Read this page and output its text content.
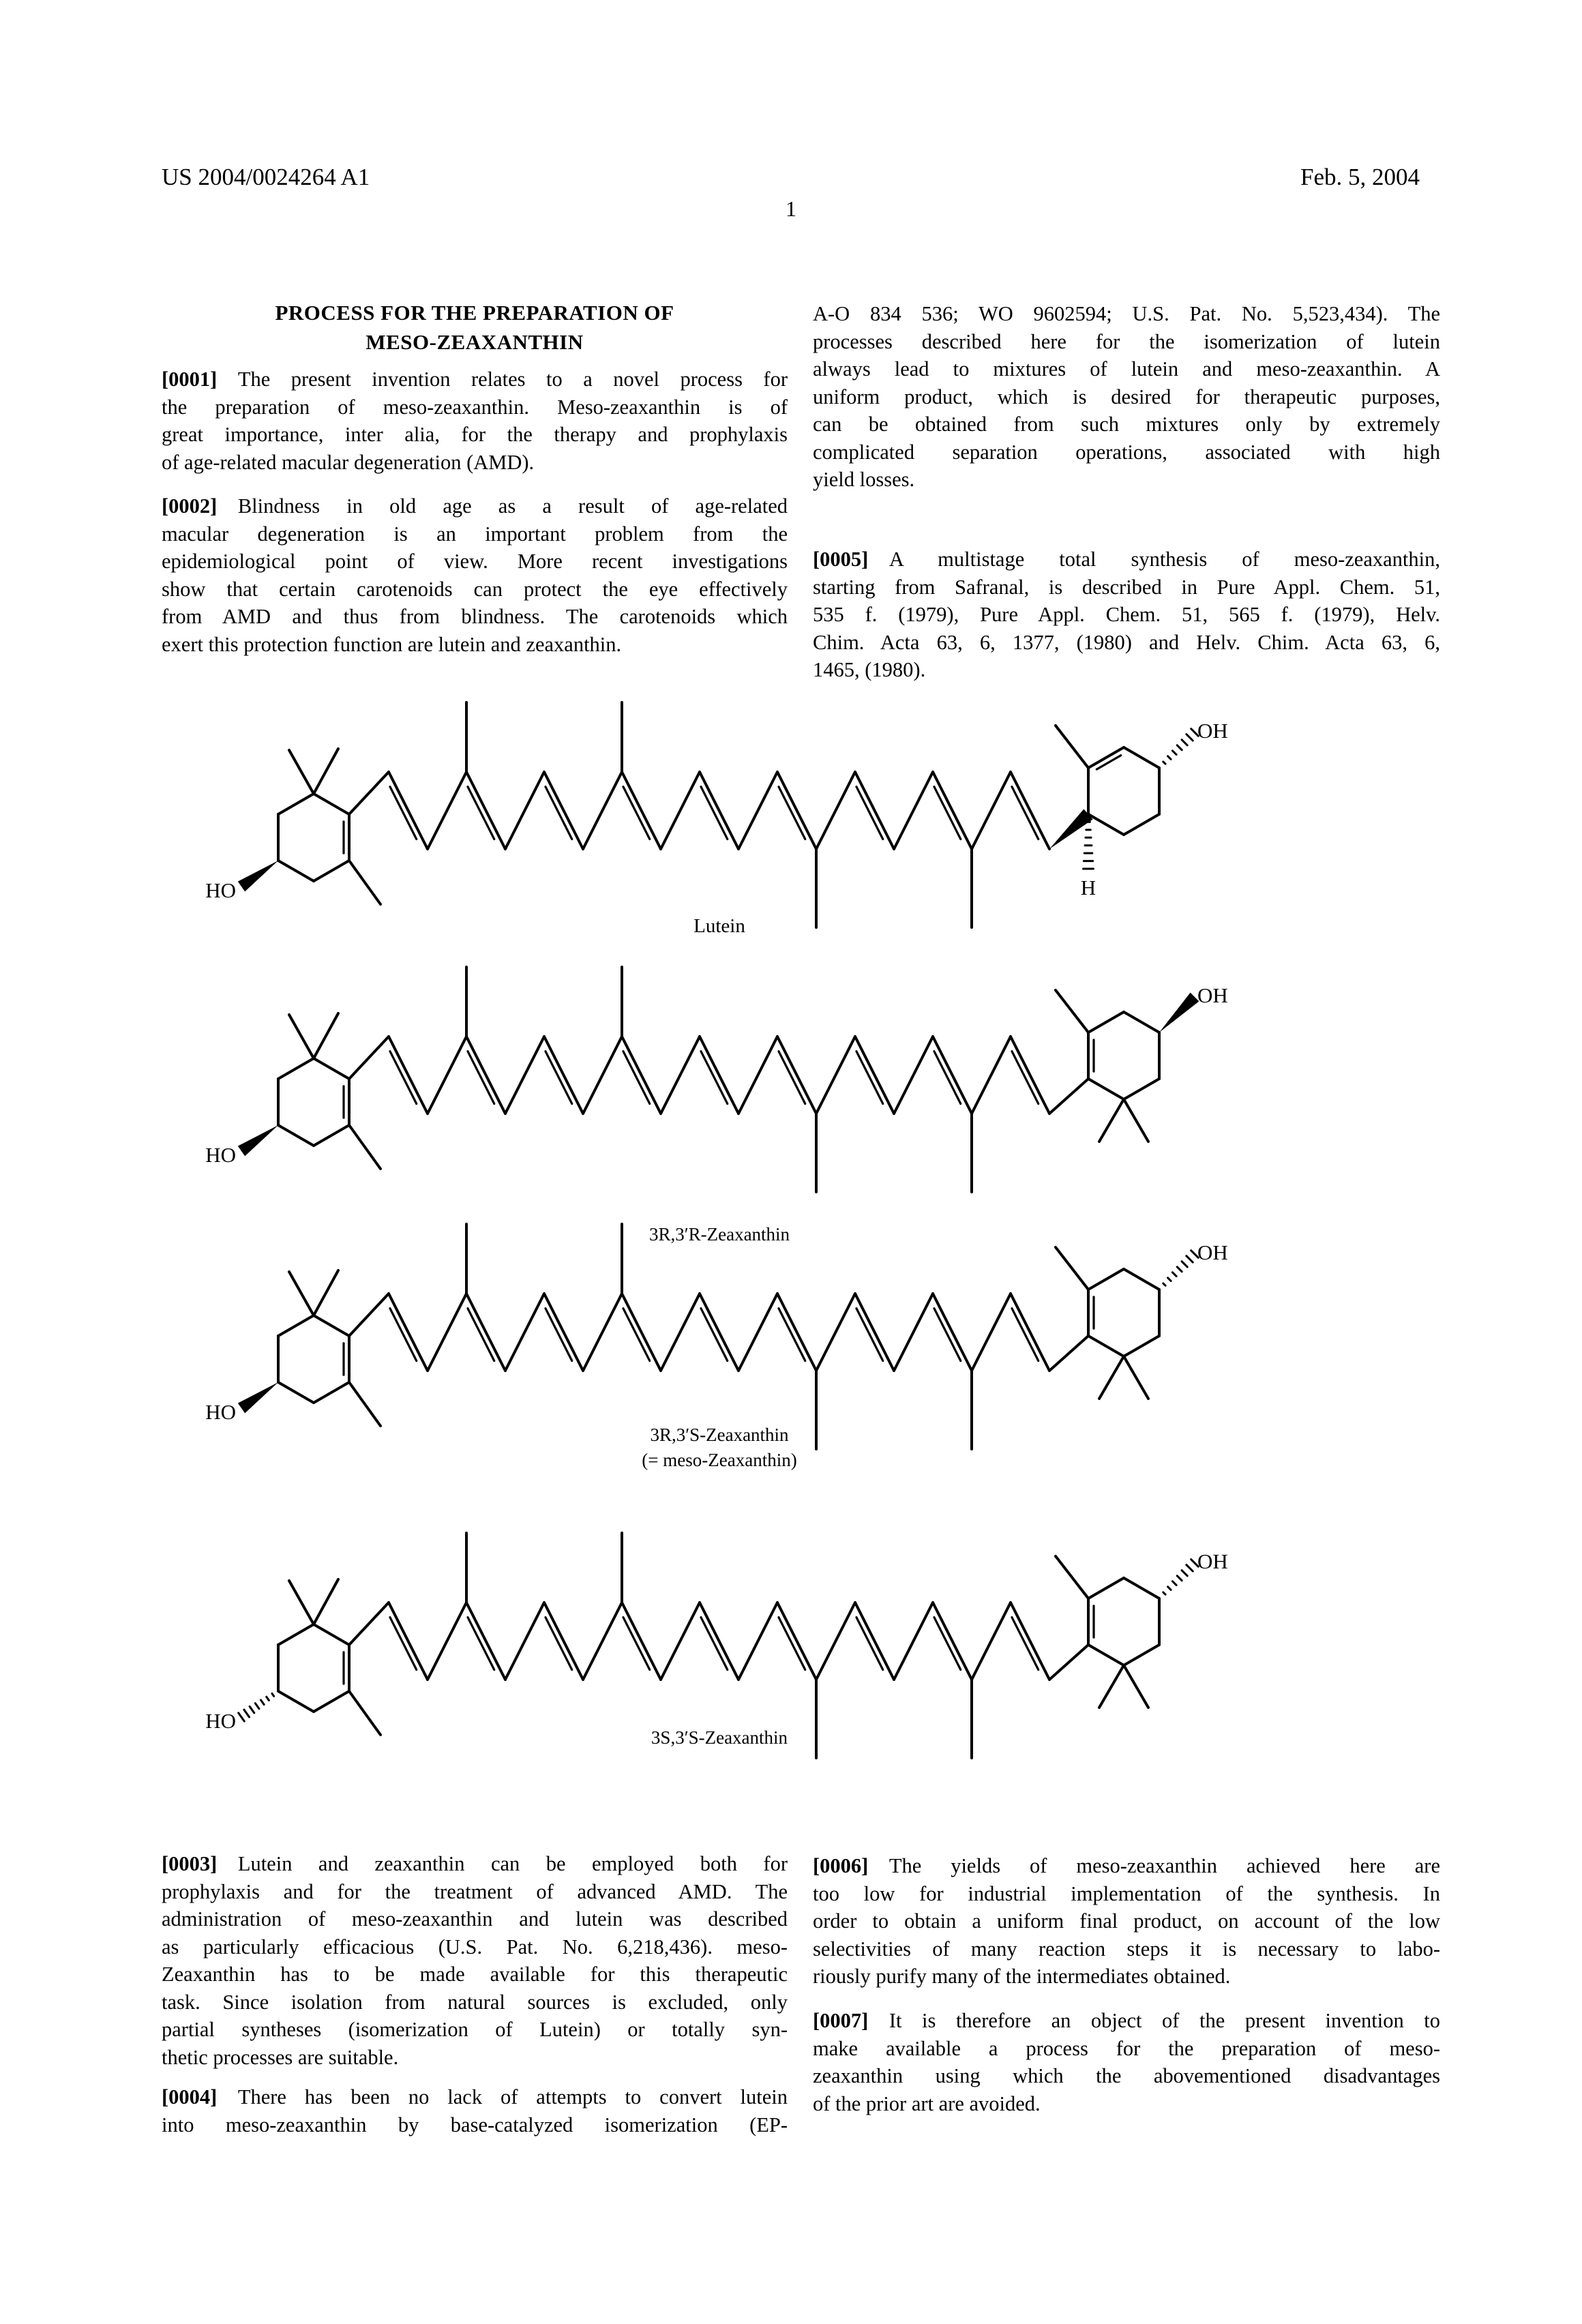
US 2004/0024264 A1	Feb. 5, 2004
1
PROCESS FOR THE PREPARATION OF
MESO-ZEAXANTHIN
[0001] The present invention relates to a novel process for
the preparation of meso-zeaxanthin. Meso-zeaxanthin is of
great importance, inter alia, for the therapy and prophylaxis
of age-related macular degeneration (AMD).
[0002] Blindness in old age as a result of age-related
macular degeneration is an important problem from the
epidemiological point of view. More recent investigations
show that certain carotenoids can protect the eye effectively
from AMD and thus from blindness. The carotenoids which
exert this protection function are lutein and zeaxanthin.
A-O 834 536; WO 9602594; U.S. Pat. No. 5,523,434). The
processes described here for the isomerization of lutein
always lead to mixtures of lutein and meso-zeaxanthin. A
uniform product, which is desired for therapeutic purposes,
can be obtained from such mixtures only by extremely
complicated separation operations, associated with high
yield losses.
[0005] A multistage total synthesis of meso-zeaxanthin,
starting from Safranal, is described in Pure Appl. Chem. 51,
535 f. (1979), Pure Appl. Chem. 51, 565 f. (1979), Helv.
Chim. Acta 63, 6, 1377, (1980) and Helv. Chim. Acta 63, 6,
1465, (1980).
HO
OH
H
HO
OH
HO
OH
HO
OH
Lutein
3R,3′R-Zeaxanthin
3R,3′S-Zeaxanthin
(= meso-Zeaxanthin)
3S,3′S-Zeaxanthin
[0003] Lutein and zeaxanthin can be employed both for
prophylaxis and for the treatment of advanced AMD. The
administration of meso-zeaxanthin and lutein was described
as particularly efficacious (U.S. Pat. No. 6,218,436). meso-
Zeaxanthin has to be made available for this therapeutic
task. Since isolation from natural sources is excluded, only
partial syntheses (isomerization of Lutein) or totally syn-
thetic processes are suitable.
[0004] There has been no lack of attempts to convert lutein
into meso-zeaxanthin by base-catalyzed isomerization (EP-
[0006] The yields of meso-zeaxanthin achieved here are
too low for industrial implementation of the synthesis. In
order to obtain a uniform final product, on account of the low
selectivities of many reaction steps it is necessary to labo-
riously purify many of the intermediates obtained.
[0007] It is therefore an object of the present invention to
make available a process for the preparation of meso-
zeaxanthin using which the abovementioned disadvantages
of the prior art are avoided.
